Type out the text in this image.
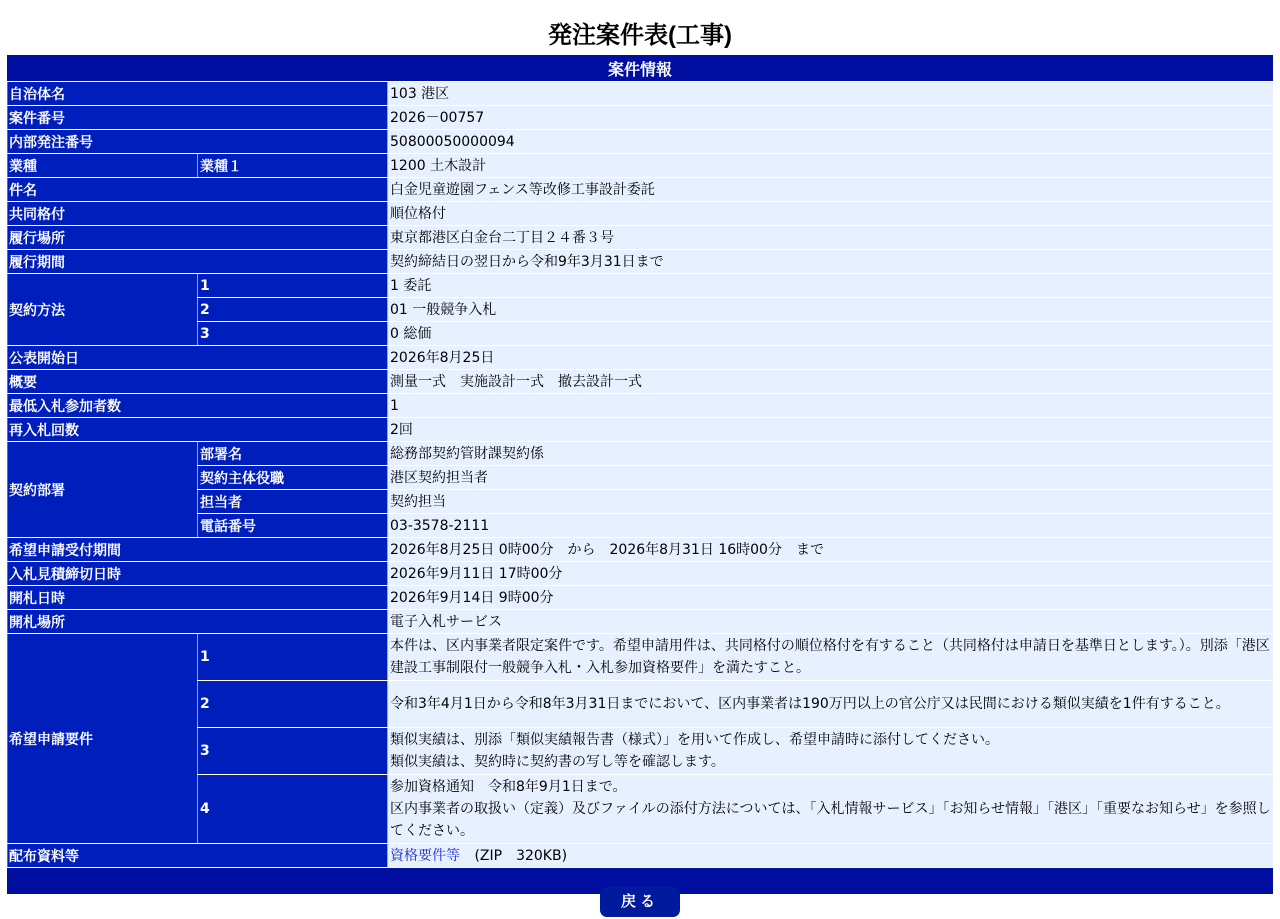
発注案件表(工事)
案件情報		
自治体名		103 港区
案件番号		2026－00757
内部発注番号		50800050000094
業種	業種１	1200 土木設計
件名		白金児童遊園フェンス等改修工事設計委託
共同格付		順位格付
履行場所		東京都港区白金台二丁目２４番３号
履行期間		契約締結日の翌日から令和9年3月31日まで
契約方法	1	1 委託
	2	01 一般競争入札
	3	0 総価
公表開始日		2026年8月25日
概要		測量一式　実施設計一式　撤去設計一式
最低入札参加者数		1
再入札回数		2回
契約部署	部署名	総務部契約管財課契約係
	契約主体役職	港区契約担当者
	担当者	契約担当
	電話番号	03-3578-2111
希望申請受付期間		2026年8月25日 0時00分　から　2026年8月31日 16時00分　まで
入札見積締切日時		2026年9月11日 17時00分
開札日時		2026年9月14日 9時00分
開札場所		電子入札サービス
希望申請要件	1	本件は、区内事業者限定案件です。希望申請用件は、共同格付の順位格付を有すること（共同格付は申請日を基準日とします。）。別添「港区建設工事制限付一般競争入札・入札参加資格要件」を満たすこと。
	2	令和3年4月1日から令和8年3月31日までにおいて、区内事業者は190万円以上の官公庁又は民間における類似実績を1件有すること。
	3	類似実績は、別添「類似実績報告書（様式）」を用いて作成し、希望申請時に添付してください。
類似実績は、契約時に契約書の写し等を確認します。

	4	参加資格通知　令和8年9月1日まで。
区内事業者の取扱い（定義）及びファイルの添付方法については、「入札情報サービス」「お知らせ情報」「港区」「重要なお知らせ」を参照してください。

配布資料等		資格要件等 (ZIP　320KB)

戻る
